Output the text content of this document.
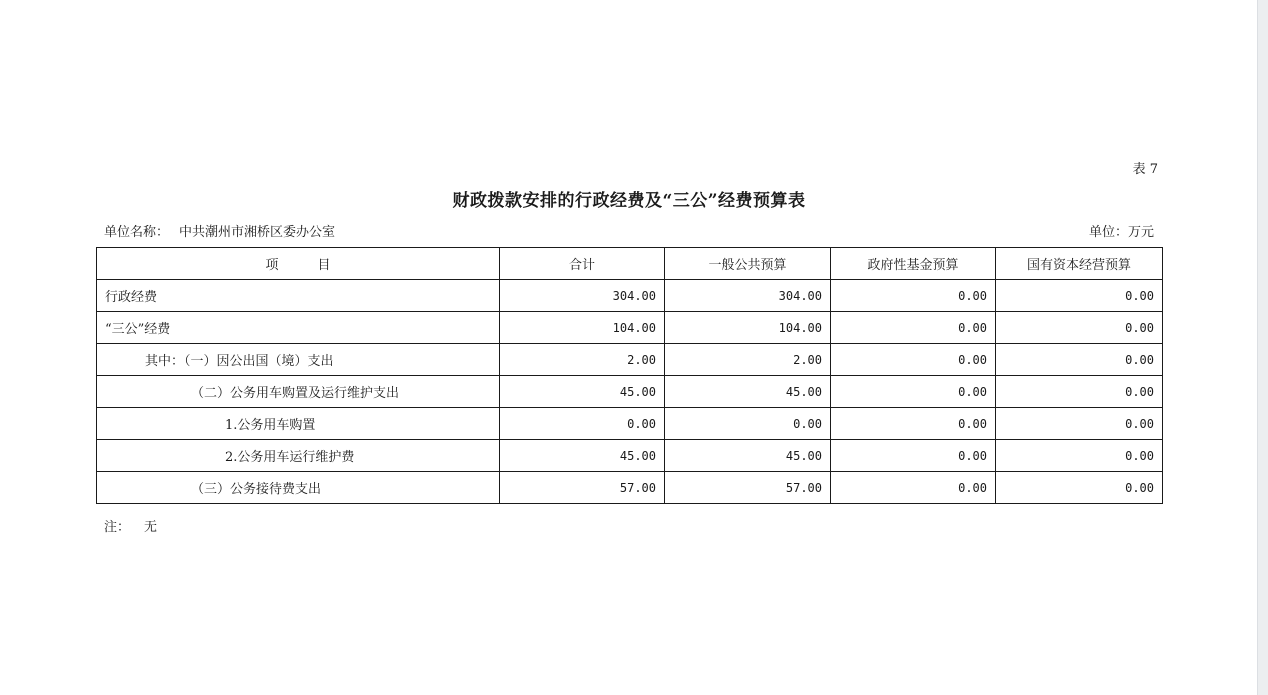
表 7
财政拨款安排的行政经费及“三公”经费预算表
单位名称： 中共潮州市湘桥区委办公室	单位：万元
项　　　目	合计	一般公共预算	政府性基金预算	国有资本经营预算
行政经费	304.00	304.00	0.00	0.00
“三公”经费	104.00	104.00	0.00	0.00
其中：（一）因公出国（境）支出	2.00	2.00	0.00	0.00
（二）公务用车购置及运行维护支出	45.00	45.00	0.00	0.00
1.公务用车购置	0.00	0.00	0.00	0.00
2.公务用车运行维护费	45.00	45.00	0.00	0.00
（三）公务接待费支出	57.00	57.00	0.00	0.00
注： 无
